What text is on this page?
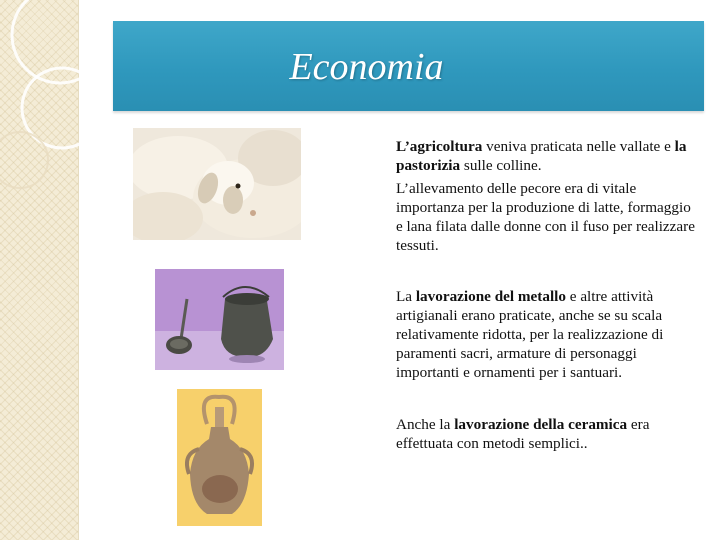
Economia

L’agricoltura veniva praticata nelle vallate e la pastorizia sulle colline.

L’allevamento delle pecore era di vitale importanza per la produzione di latte, formaggio e lana filata dalle donne con il fuso per realizzare tessuti.

La lavorazione del metallo e altre attività artigianali erano praticate, anche se su scala relativamente ridotta, per la realizzazione di paramenti sacri, armature di personaggi importanti e ornamenti per i santuari.

Anche la lavorazione della ceramica era effettuata con metodi semplici..
